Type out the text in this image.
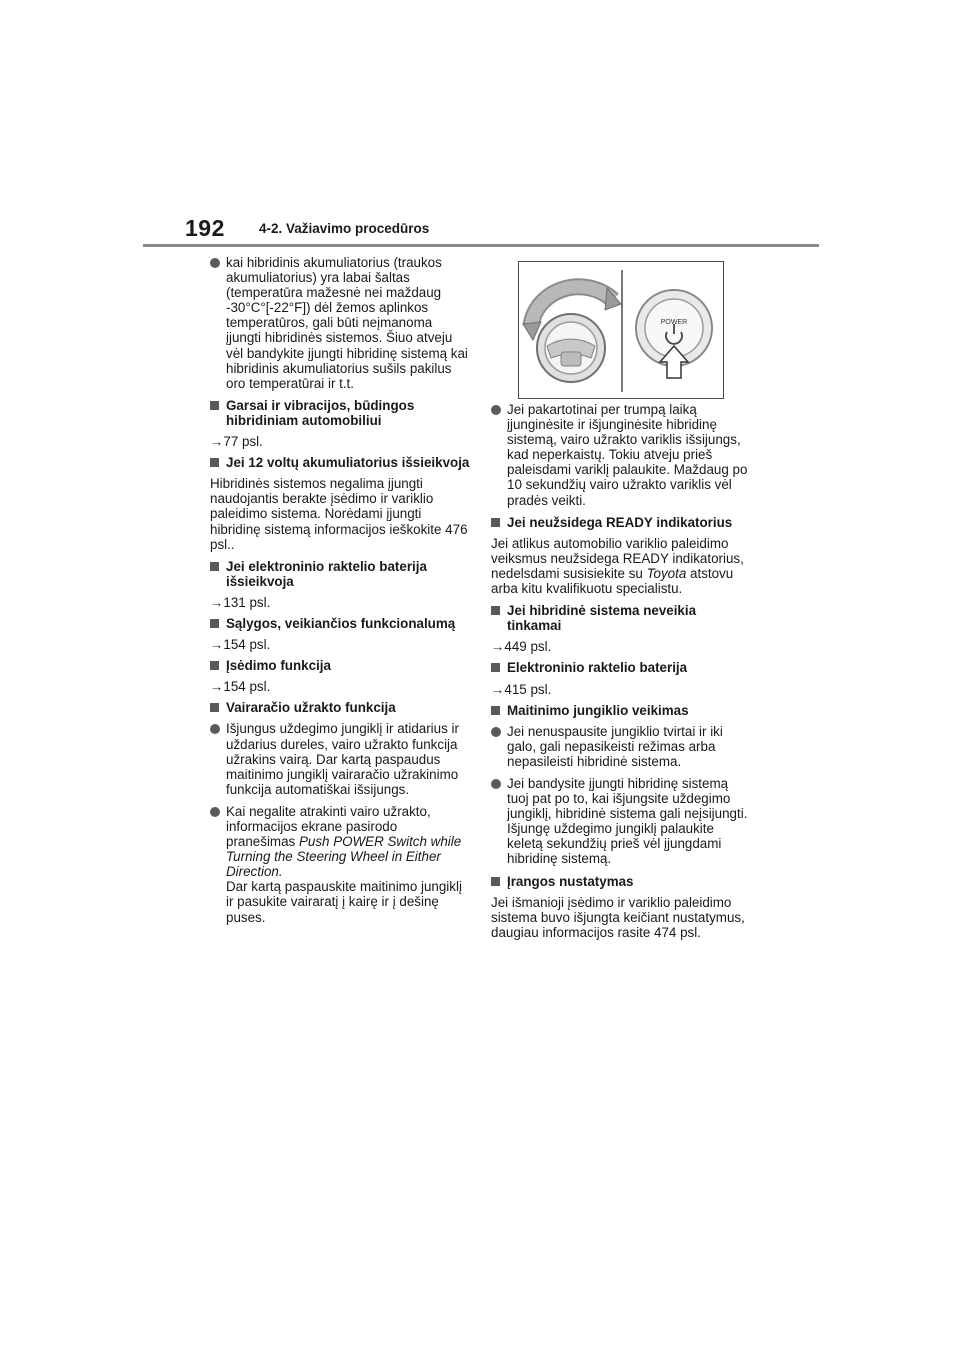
192	4-2. Važiavimo procedūros
kai hibridinis akumuliatorius (traukos akumuliatorius) yra labai šaltas (temperatūra mažesnė nei maždaug -30°C°[-22°F]) dėl žemos aplinkos temperatūros, gali būti neįmanoma įjungti hibridinės sistemos. Šiuo atveju vėl bandykite įjungti hibridinę sistemą kai hibridinis akumuliatorius sušils pakilus oro temperatūrai ir t.t.
Garsai ir vibracijos, būdingos hibridiniam automobiliui
→77 psl.
Jei 12 voltų akumuliatorius išsieikvoja
Hibridinės sistemos negalima įjungti naudojantis berakte įsėdimo ir variklio paleidimo sistema. Norėdami įjungti hibridinę sistemą informacijos ieškokite 476 psl..
Jei elektroninio raktelio baterija išsieikvoja
→131 psl.
Sąlygos, veikiančios funkcionalumą
→154 psl.
Įsėdimo funkcija
→154 psl.
Vairaračio užrakto funkcija
Išjungus uždegimo jungiklį ir atidarius ir uždarius dureles, vairo užrakto funkcija užrakins vairą. Dar kartą paspaudus maitinimo jungiklį vairaračio užrakinimo funkcija automatiškai išsijungs.
Kai negalite atrakinti vairo užrakto, informacijos ekrane pasirodo pranešimas Push POWER Switch while Turning the Steering Wheel in Either Direction.
Dar kartą paspauskite maitinimo jungiklį ir pasukite vairaratį į kairę ir į dešinę puses.
POWER
Jei pakartotinai per trumpą laiką įjunginėsite ir išjunginėsite hibridinę sistemą, vairo užrakto variklis išsijungs, kad neperkaistų. Tokiu atveju prieš paleisdami variklį palaukite. Maždaug po 10 sekundžių vairo užrakto variklis vėl pradės veikti.
Jei neužsidega READY indikatorius
Jei atlikus automobilio variklio paleidimo veiksmus neužsidega READY indikatorius, nedelsdami susisiekite su Toyota atstovu arba kitu kvalifikuotu specialistu.
Jei hibridinė sistema neveikia tinkamai
→449 psl.
Elektroninio raktelio baterija
→415 psl.
Maitinimo jungiklio veikimas
Jei nenuspausite jungiklio tvirtai ir iki galo, gali nepasikeisti režimas arba nepasileisti hibridinė sistema.
Jei bandysite įjungti hibridinę sistemą tuoj pat po to, kai išjungsite uždegimo jungiklį, hibridinė sistema gali neįsijungti. Išjungę uždegimo jungiklį palaukite keletą sekundžių prieš vėl įjungdami hibridinę sistemą.
Įrangos nustatymas
Jei išmanioji įsėdimo ir variklio paleidimo sistema buvo išjungta keičiant nustatymus, daugiau informacijos rasite 474 psl.
